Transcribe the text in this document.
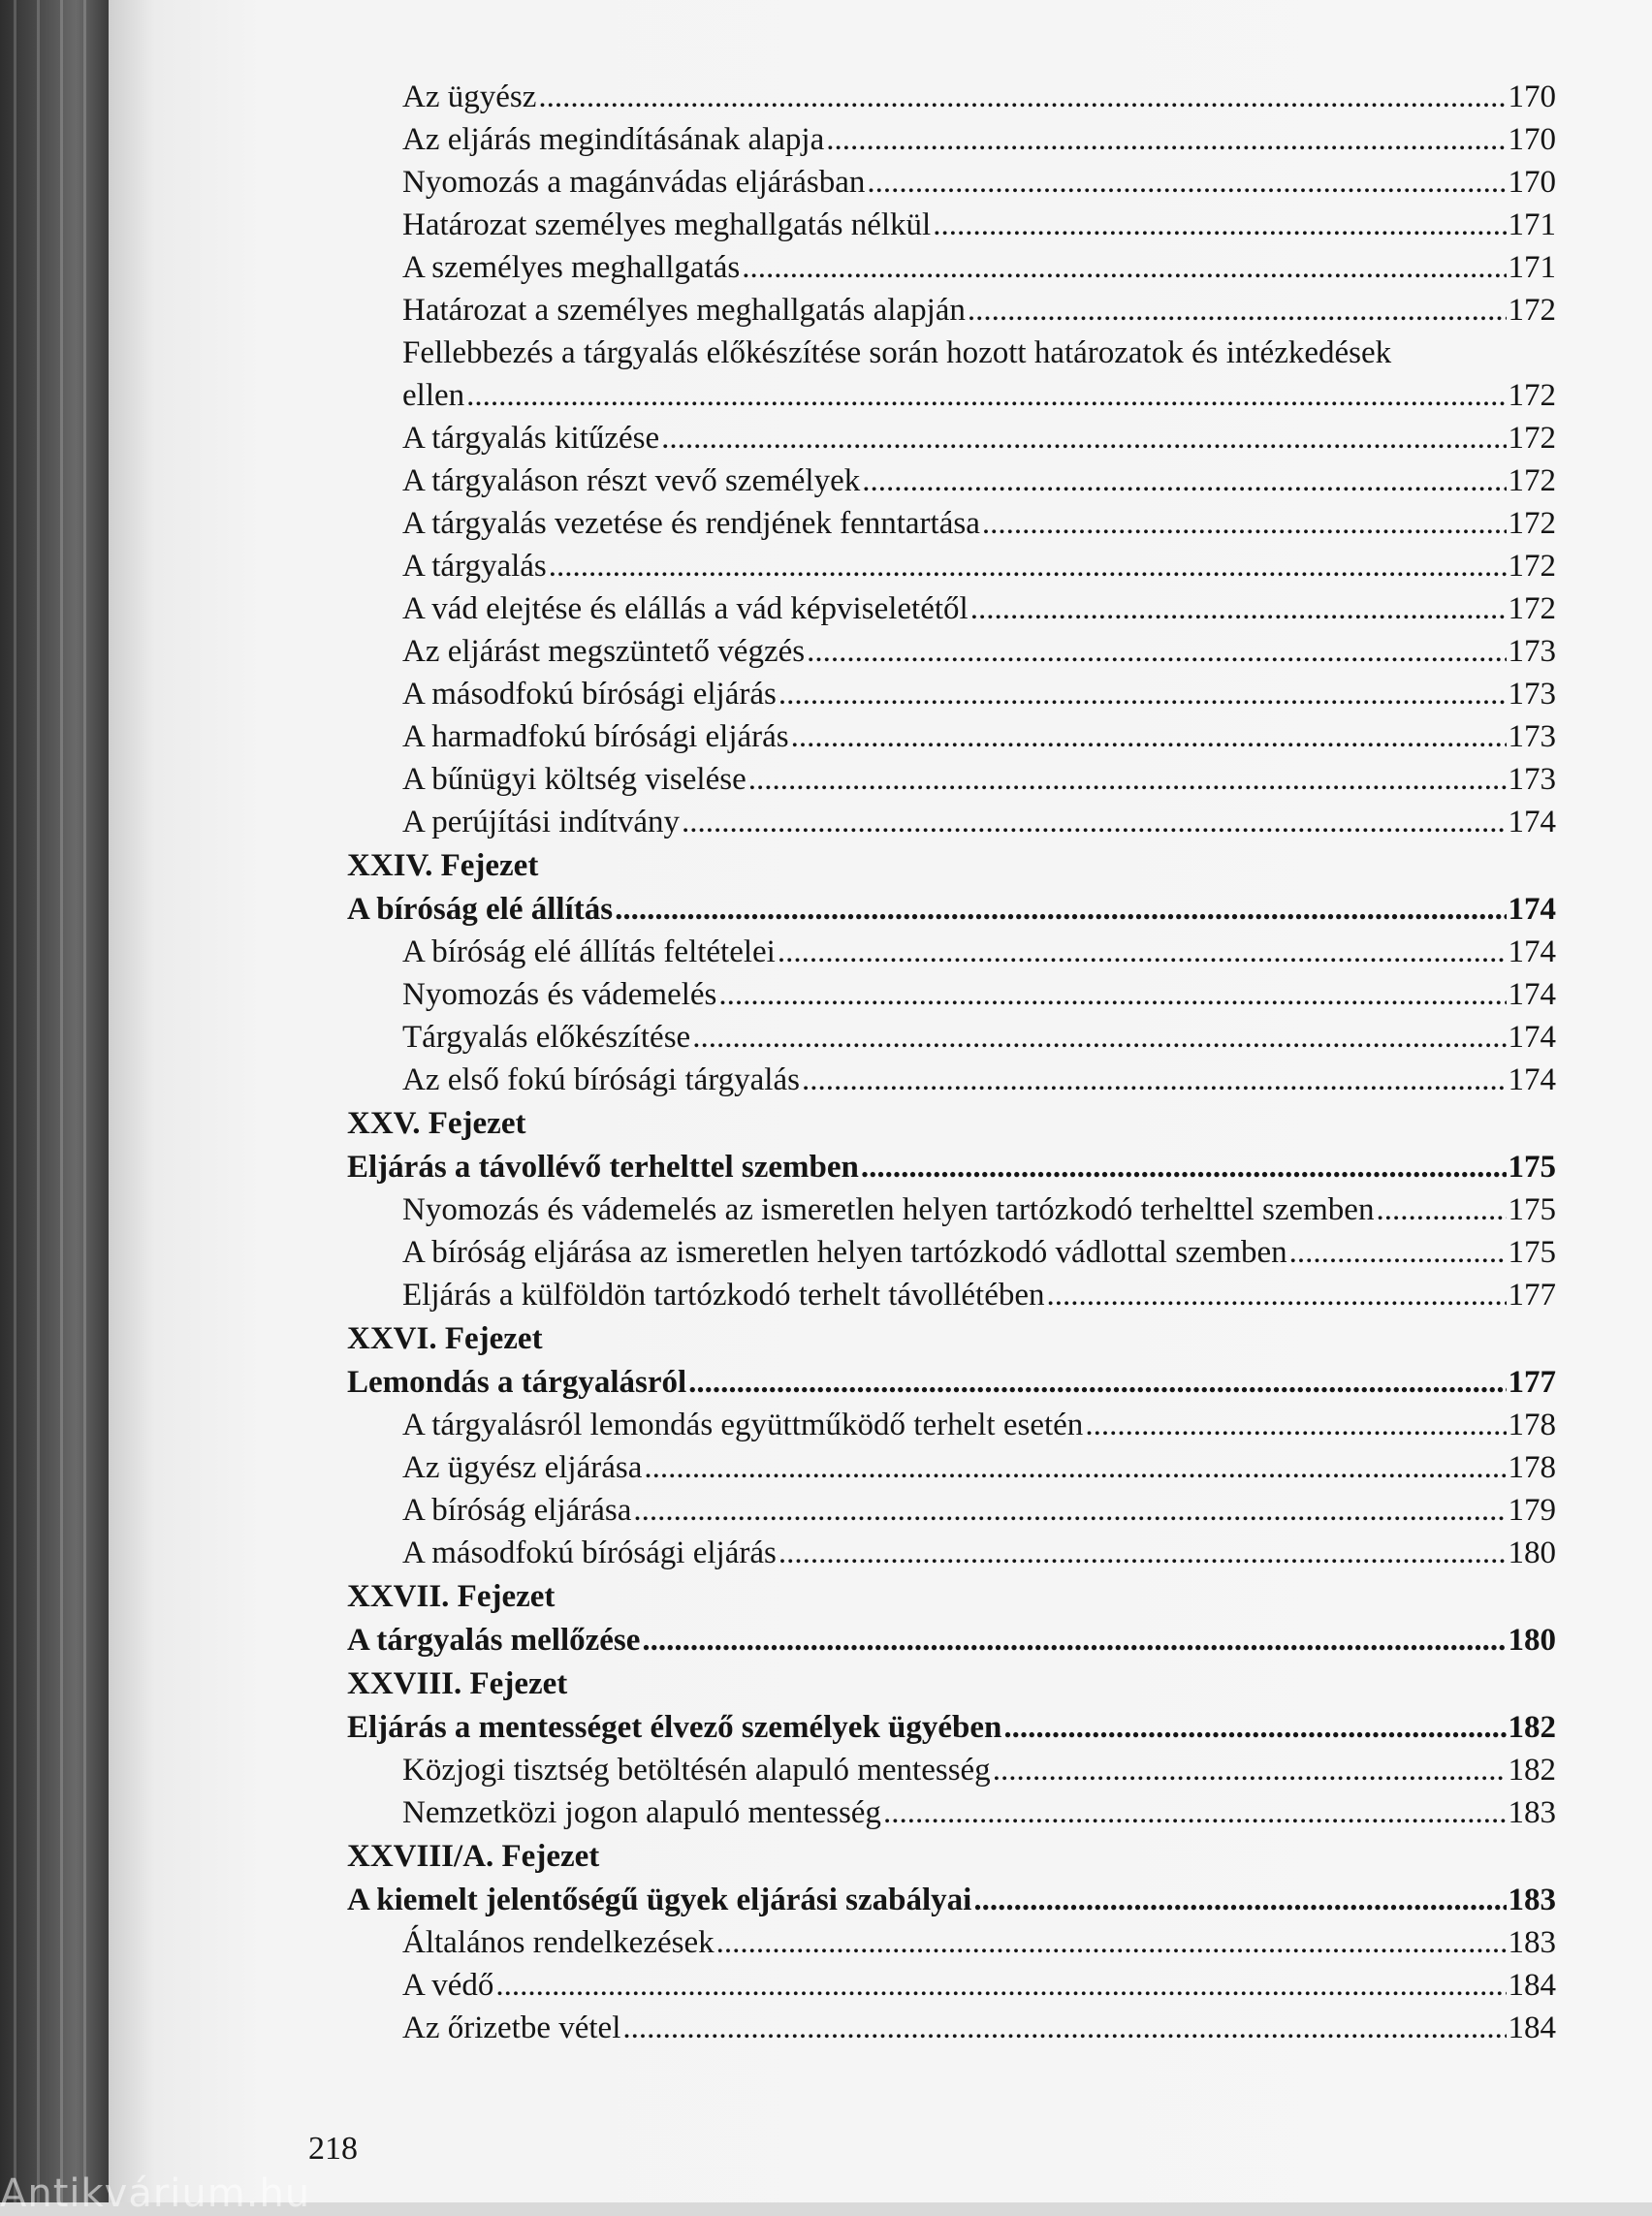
Az ügyész .....	170
Az eljárás megindításának alapja .....	170
Nyomozás a magánvádas eljárásban .....	170
Határozat személyes meghallgatás nélkül .....	171
A személyes meghallgatás .....	171
Határozat a személyes meghallgatás alapján .....	172
Fellebbezés a tárgyalás előkészítése során hozott határozatok és intézkedések
ellen .....	172
A tárgyalás kitűzése .....	172
A tárgyaláson részt vevő személyek .....	172
A tárgyalás vezetése és rendjének fenntartása .....	172
A tárgyalás .....	172
A vád elejtése és elállás a vád képviseletétől .....	172
Az eljárást megszüntető végzés .....	173
A másodfokú bírósági eljárás .....	173
A harmadfokú bírósági eljárás .....	173
A bűnügyi költség viselése .....	173
A perújítási indítvány .....	174
XXIV. Fejezet
A bíróság elé állítás .....	174
A bíróság elé állítás feltételei .....	174
Nyomozás és vádemelés .....	174
Tárgyalás előkészítése .....	174
Az első fokú bírósági tárgyalás .....	174
XXV. Fejezet
Eljárás a távollévő terhelttel szemben .....	175
Nyomozás és vádemelés az ismeretlen helyen tartózkodó terhelttel szemben .....	175
A bíróság eljárása az ismeretlen helyen tartózkodó vádlottal szemben .....	175
Eljárás a külföldön tartózkodó terhelt távollétében .....	177
XXVI. Fejezet
Lemondás a tárgyalásról .....	177
A tárgyalásról lemondás együttműködő terhelt esetén .....	178
Az ügyész eljárása .....	178
A bíróság eljárása .....	179
A másodfokú bírósági eljárás .....	180
XXVII. Fejezet
A tárgyalás mellőzése .....	180
XXVIII. Fejezet
Eljárás a mentességet élvező személyek ügyében .....	182
Közjogi tisztség betöltésén alapuló mentesség .....	182
Nemzetközi jogon alapuló mentesség .....	183
XXVIII/A. Fejezet
A kiemelt jelentőségű ügyek eljárási szabályai .....	183
Általános rendelkezések .....	183
A védő .....	184
Az őrizetbe vétel .....	184
218
Antikvárium.hu
